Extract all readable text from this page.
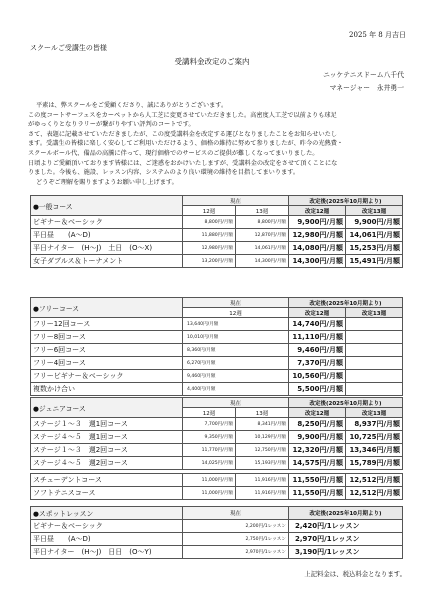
2025 年 8 月吉日
スクールご受講生の皆様
受講料金改定のご案内
ニッケテニスドーム八千代
マネージャー　永井勇一

平素は、弊スクールをご愛顧くださり、誠にありがとうございます。

この度コートサーフェスをカーペットから人工芝に変更させていただきました。高密度人工芝で以前よりも球足

がゆっくりとなりラリーが繋がりやすい評判のコートです。

さて、表題に記載させていただきましたが、この度受講料金を改定する運びとなりましたことをお知らせいたし

ます。受講生の皆様に楽しく安心してご利用いただけるよう、価格の維持に努めて参りましたが、昨今の光熱費・

スクールボール代、備品の高騰に伴って、現行価格でのサービスのご提供が難しくなってまいりました。

日頃よりご愛顧頂いております皆様には、ご迷惑をおかけいたしますが、受講料金の改定をさせて頂くことにな

りました。今後も、施設、レッスン内容、システムのより良い環境の維持を目指してまいります。

どうぞご理解を賜りますようお願い申し上げます。

●一般コース	現在		改定後(2025年10月期より)	
	12週	13週	改定12週	改定13週
ビギナー＆ベーシック	8,800円/月額	8,800円/月額	9,900円/月額	9,900円/月額
平日昼　　(A～D)	11,880円/月額	12,870円/月額	12,980円/月額	14,061円/月額
平日ナイター　(H～J)　土日　(O～X)	12,980円/月額	14,061円/月額	14,080円/月額	15,253円/月額
女子ダブルス＆トーナメント	13,200円/月額	14,300円/月額	14,300円/月額	15,491円/月額
●フリーコース	現在	改定後(2025年10月期より)	
	12週	改定12週	改定13週
フリー12回コース	13,640円/月額	14,740円/月額	
フリー8回コース	10,010円/月額	11,110円/月額	
フリー6回コース	8,360円/月額	9,460円/月額	
フリー4回コース	6,270円/月額	7,370円/月額	
フリービギナー＆ベーシック	9,460円/月額	10,560円/月額	
複数かけ合い	4,400円/月額	5,500円/月額	
●ジュニアコース	現在		改定後(2025年10月期より)	
	12週	13週	改定12週	改定13週
ステージ１～３　週1回コース	7,700円/月額	8,341円/月額	8,250円/月額	8,937円/月額
ステージ４～５　週1回コース	9,350円/月額	10,129円/月額	9,900円/月額	10,725円/月額
ステージ１～３　週2回コース	11,770円/月額	12,750円/月額	12,320円/月額	13,346円/月額
ステージ４～５　週2回コース	14,025円/月額	15,193円/月額	14,575円/月額	15,789円/月額

スチューデントコース	11,000円/月額	11,916円/月額	11,550円/月額	12,512円/月額
ソフトテニスコース	11,000円/月額	11,916円/月額	11,550円/月額	12,512円/月額
●スポットレッスン	現在	改定後(2025年10月期より)
ビギナー＆ベーシック	2,200円/1レッスン	2,420円/1レッスン
平日昼　　(A～D)	2,750円/1レッスン	2,970円/1レッスン
平日ナイター　(H～J)　日日　(O～Y)	2,970円/1レッスン	3,190円/1レッスン
上記料金は、税込料金となります。
